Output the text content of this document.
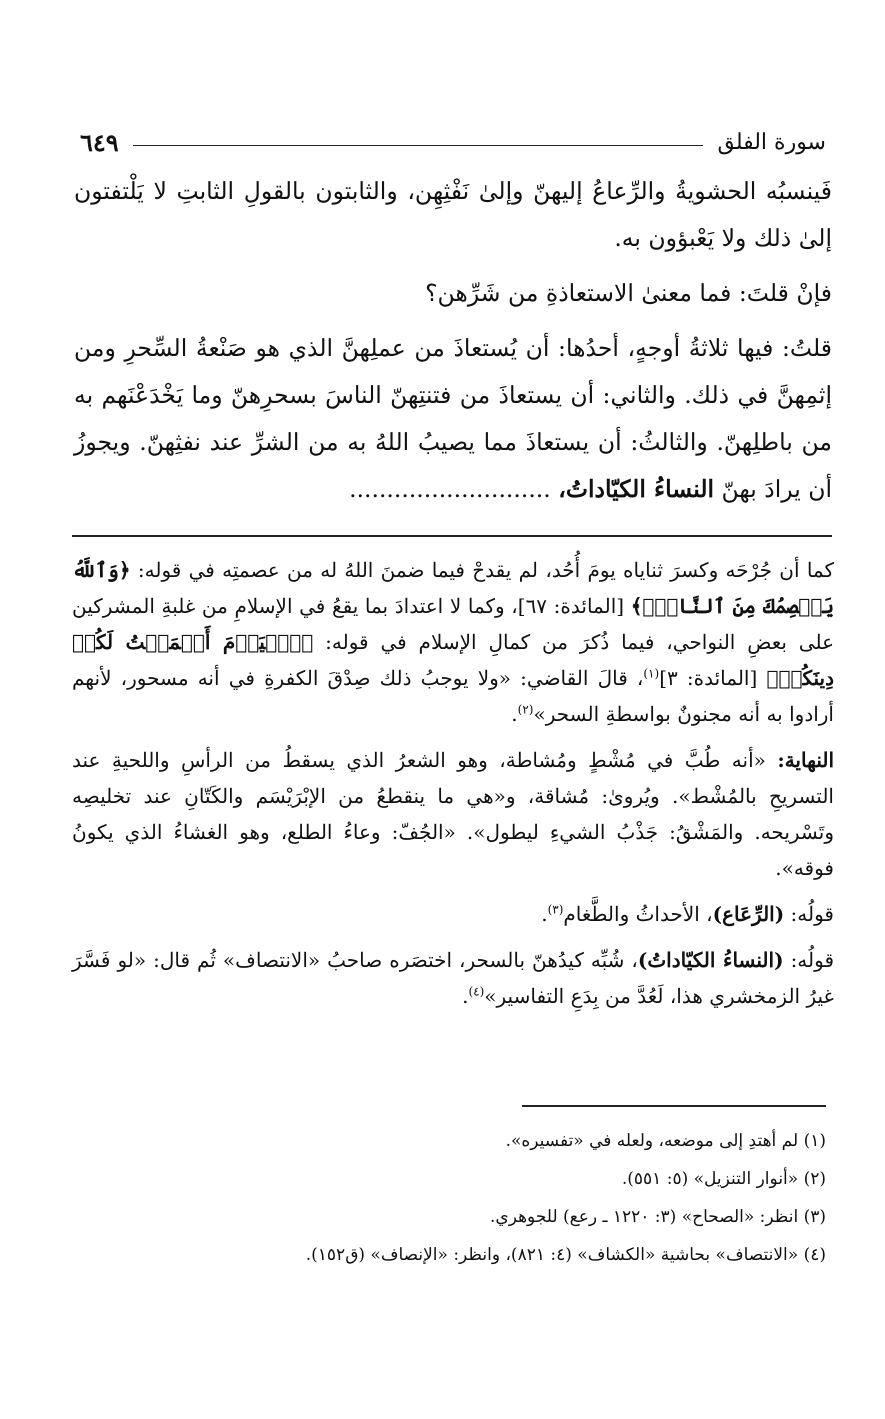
سورة الفلق
٦٤٩

فَينسبُه الحشويةُ والرِّعاعُ إليهنّ وإلىٰ نَفْثِهِن، والثابتون بالقولِ الثابتِ لا يَلْتفتون إلىٰ ذلك ولا يَعْبؤون به.

فإنْ قلتَ: فما معنىٰ الاستعاذةِ من شَرِّهن؟

قلتُ: فيها ثلاثةُ أوجهٍ، أحدُها: أن يُستعاذَ من عملِهنَّ الذي هو صَنْعةُ السِّحرِ ومن إثمِهنَّ في ذلك. والثاني: أن يستعاذَ من فتنتِهنّ الناسَ بسحرِهنّ وما يَخْدَعْنَهم به من باطلِهنّ. والثالثُ: أن يستعاذَ مما يصيبُ اللهُ به من الشرِّ عند نفثِهنّ. ويجوزُ أن يرادَ بهنّ النساءُ الكيّاداتُ، ...........................

كما أن جُرْحَه وكسرَ ثناياه يومَ أُحُد، لم يقدحْ فيما ضمنَ اللهُ له من عصمتِه في قوله: ﴿وَٱللَّهُ يَعۡصِمُكَ مِنَ ٱلنَّاسِۗ﴾ [المائدة: ٦٧]، وكما لا اعتدادَ بما يقعُ في الإسلامِ من غلبةِ المشركين على بعضِ النواحي، فيما ذُكرَ من كمالِ الإسلام في قوله: ﴿ٱلۡيَوۡمَ أَكۡمَلۡتُ لَكُمۡ دِينَكُمۡ﴾ [المائدة: ٣]$^{(١)}$، قالَ القاضي: «ولا يوجبُ ذلك صِدْقَ الكفرةِ في أنه مسحور، لأنهم أرادوا به أنه مجنونٌ بواسطةِ السحر»$^{(٢)}$.

النهاية: «أنه طُبَّ في مُشْطٍ ومُشاطة، وهو الشعرُ الذي يسقطُ من الرأسِ واللحيةِ عند التسريحِ بالمُشْط». ويُروىٰ: مُشاقة، و«هي ما ينقطعُ من الإبْرَيْسَم والكَتّانِ عند تخليصِه وتَسْريحه. والمَشْقُ: جَذْبُ الشيءِ ليطول». «الجُفّ: وعاءُ الطلع، وهو الغشاءُ الذي يكونُ فوقه».

قولُه: (الرِّعَاع)، الأحداثُ والطَّغام$^{(٣)}$.

قولُه: (النساءُ الكيّاداتُ)، شُبِّه كيدُهنّ بالسحر، اختصَره صاحبُ «الانتصاف» ثُم قال: «لو فَسَّرَ غيرُ الزمخشري هذا، لَعُدَّ من بِدَعِ التفاسير»$^{(٤)}$.

(١) لم أهتدِ إلى موضعه، ولعله في «تفسيره».
(٢) «أنوار التنزيل» (٥: ٥٥١).
(٣) انظر: «الصحاح» (٣: ١٢٢٠ ـ رعع) للجوهري.
(٤) «الانتصاف» بحاشية «الكشاف» (٤: ٨٢١)، وانظر: «الإنصاف» (ق١٥٢).
